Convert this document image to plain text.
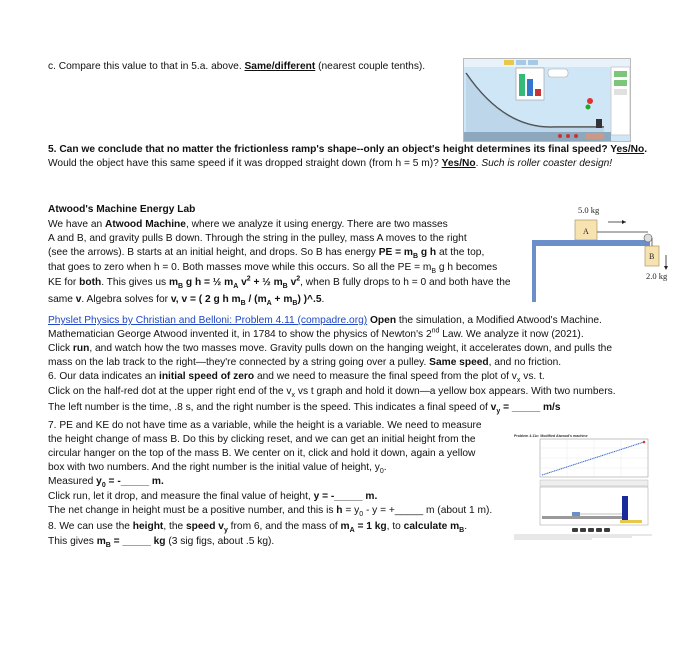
c. Compare this value to that in 5.a. above. Same/different (nearest couple tenths).
5. Can we conclude that no matter the frictionless ramp's shape--only an object's height determines its final speed? Yes/No.
Would the object have this same speed if it was dropped straight down (from h = 5 m)? Yes/No. Such is roller coaster design!
Atwood's Machine Energy Lab
We have an Atwood Machine, where we analyze it using energy. There are two masses
A and B, and gravity pulls B down. Through the string in the pulley, mass A moves to the right
(see the arrows). B starts at an initial height, and drops. So B has energy PE = $m_B$ g h at the top,
that goes to zero when h = 0. Both masses move while this occurs. So all the PE = $m_B$ g h becomes
KE for both. This gives us $m_B$ g h = ½ $m_A$ $v^2$ + ½ $m_B$ $v^2$, when B fully drops to h = 0 and both have the
same v. Algebra solves for v, v = ( 2 g h $m_B / (m_A + m_B)$ )^.5.
5.0 kg
A
B
2.0 kg
Physlet Physics by Christian and Belloni: Problem 4.11 (compadre.org) Open the simulation, a Modified Atwood's Machine.
Mathematician George Atwood invented it, in 1784 to show the physics of Newton's 2nd Law. We analyze it now (2021).
Click run, and watch how the two masses move. Gravity pulls down on the hanging weight, it accelerates down, and pulls the
mass on the lab track to the right—they're connected by a string going over a pulley. Same speed, and no friction.
6. Our data indicates an initial speed of zero and we need to measure the final speed from the plot of $v_x$ vs. t.
Click on the half-red dot at the upper right end of the $v_x$ vs t graph and hold it down—a yellow box appears. With two numbers.
The left number is the time, .8 s, and the right number is the speed. This indicates a final speed of $v_y$ = _____ m/s
7. PE and KE do not have time as a variable, while the height is a variable. We need to measure
the height change of mass B. Do this by clicking reset, and we can get an initial height from the
circular hanger on the top of the mass B. We center on it, click and hold it down, again a yellow
box with two numbers. And the right number is the initial value of height, $y_0$.
Measured $y_0$ = -_____ m.
Click run, let it drop, and measure the final value of height, y = -_____ m.
The net change in height must be a positive number, and this is $h = y_0 - y$ = +_____ m (about 1 m).
8. We can use the height, the speed $v_y$ from 6, and the mass of $m_A = 1$ kg, to calculate $m_B$.
This gives $m_B$ = _____ kg (3 sig figs, about .5 kg).
Problem 4.11c: Modified Atwood's machine
